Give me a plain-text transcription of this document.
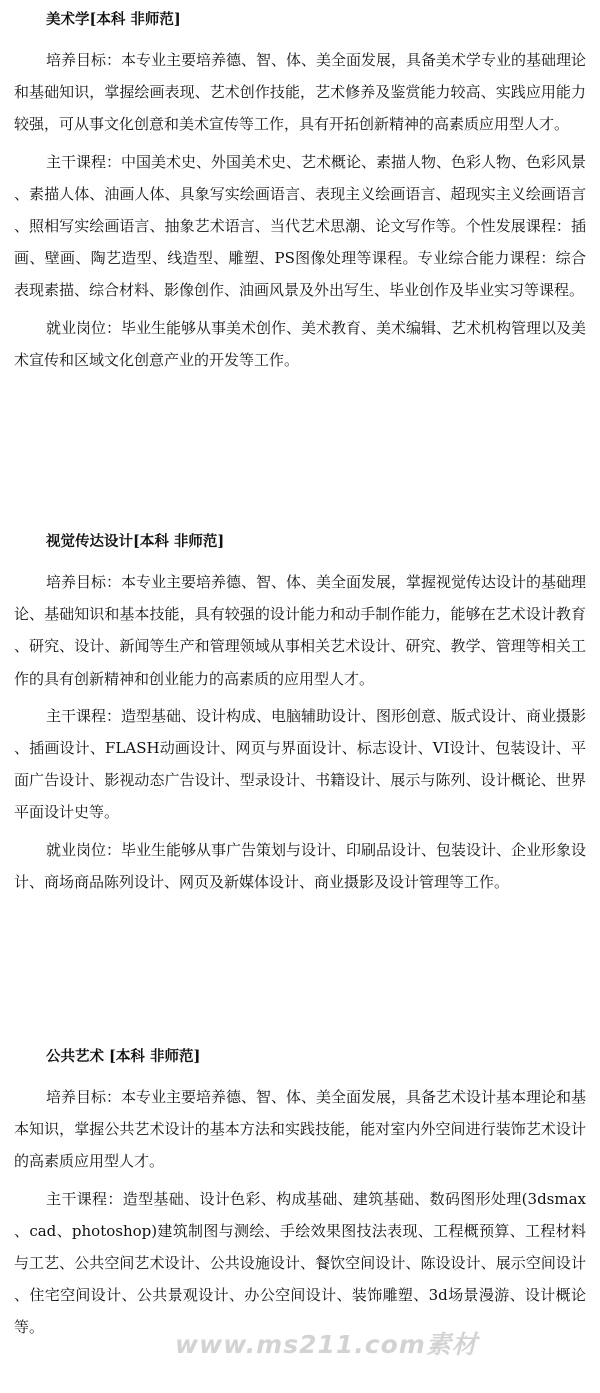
美术学[本科 非师范]

培养目标：本专业主要培养德、智、体、美全面发展，具备美术学专业的基础理论和基础知识，掌握绘画表现、艺术创作技能，艺术修养及鉴赏能力较高、实践应用能力较强，可从事文化创意和美术宣传等工作，具有开拓创新精神的高素质应用型人才。

主干课程：中国美术史、外国美术史、艺术概论、素描人物、色彩人物、色彩风景、素描人体、油画人体、具象写实绘画语言、表现主义绘画语言、超现实主义绘画语言、照相写实绘画语言、抽象艺术语言、当代艺术思潮、论文写作等。个性发展课程：插画、壁画、陶艺造型、线造型、雕塑、PS图像处理等课程。专业综合能力课程：综合表现素描、综合材料、影像创作、油画风景及外出写生、毕业创作及毕业实习等课程。

就业岗位：毕业生能够从事美术创作、美术教育、美术编辑、艺术机构管理以及美术宣传和区域文化创意产业的开发等工作。

视觉传达设计[本科 非师范]

培养目标：本专业主要培养德、智、体、美全面发展，掌握视觉传达设计的基础理论、基础知识和基本技能，具有较强的设计能力和动手制作能力，能够在艺术设计教育、研究、设计、新闻等生产和管理领域从事相关艺术设计、研究、教学、管理等相关工作的具有创新精神和创业能力的高素质的应用型人才。

主干课程：造型基础、设计构成、电脑辅助设计、图形创意、版式设计、商业摄影、插画设计、FLASH动画设计、网页与界面设计、标志设计、VI设计、包装设计、平面广告设计、影视动态广告设计、型录设计、书籍设计、展示与陈列、设计概论、世界平面设计史等。

就业岗位：毕业生能够从事广告策划与设计、印刷品设计、包装设计、企业形象设计、商场商品陈列设计、网页及新媒体设计、商业摄影及设计管理等工作。

公共艺术 [本科 非师范]

培养目标：本专业主要培养德、智、体、美全面发展，具备艺术设计基本理论和基本知识，掌握公共艺术设计的基本方法和实践技能，能对室内外空间进行装饰艺术设计的高素质应用型人才。

主干课程：造型基础、设计色彩、构成基础、建筑基础、数码图形处理(3dsmax、cad、photoshop)建筑制图与测绘、手绘效果图技法表现、工程概预算、工程材料与工艺、公共空间艺术设计、公共设施设计、餐饮空间设计、陈设设计、展示空间设计、住宅空间设计、公共景观设计、办公空间设计、装饰雕塑、3d场景漫游、设计概论等。

www.ms211.com素材
